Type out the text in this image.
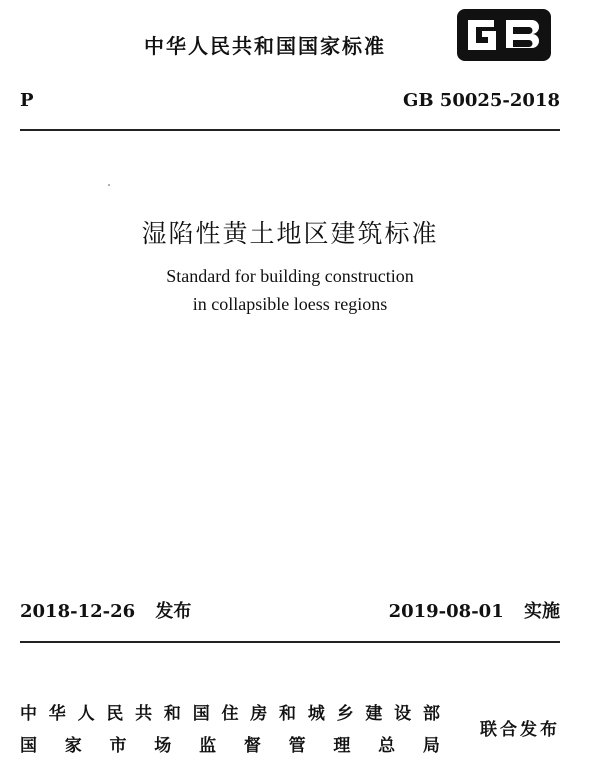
中华人民共和国国家标准
P	GB 50025-2018
湿陷性黄土地区建筑标准
Standard for building construction
in collapsible loess regions
2018-12-26 发布	2019-08-01 实施
中 华 人 民 共 和 国 住 房 和 城 乡 建 设 部
国 家 市 场 监 督 管 理 总 局
联合发布
